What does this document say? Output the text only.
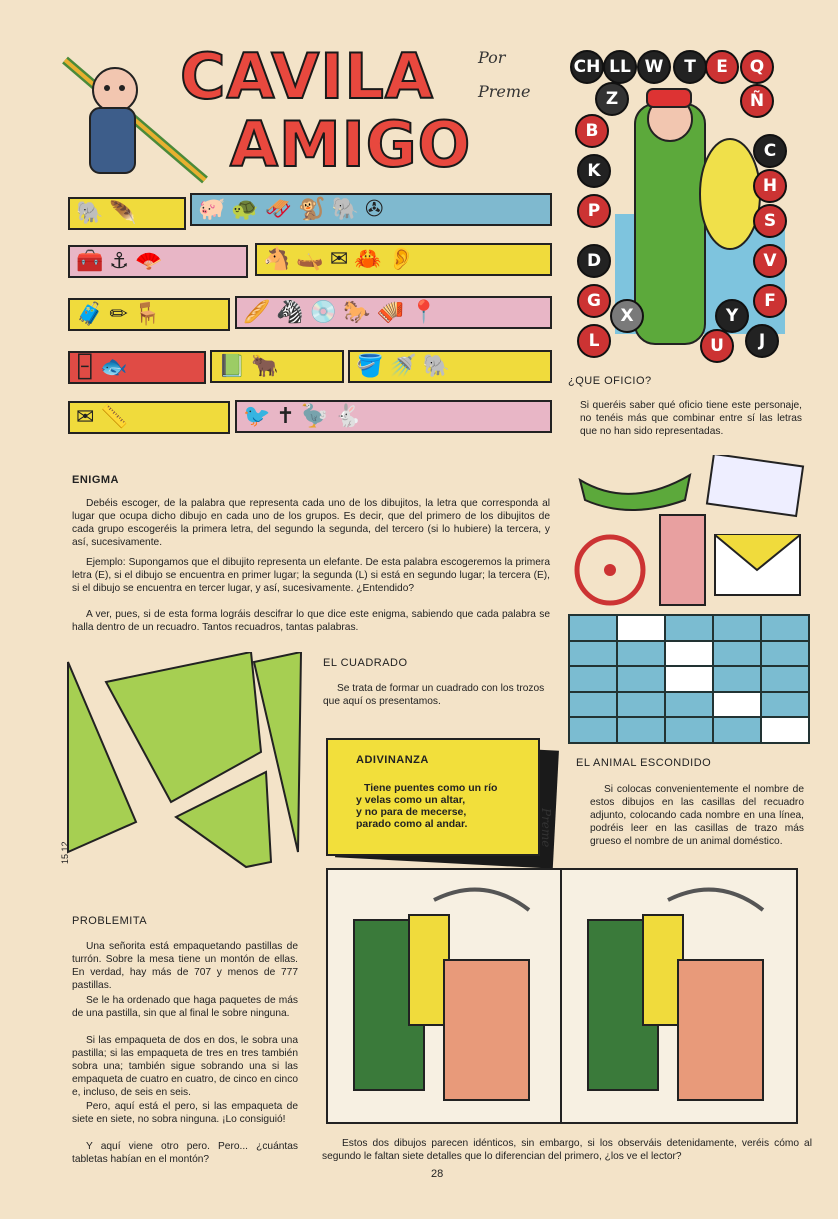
CAVILA
AMIGO
Por
Preme
CH LL W	T	E	Q
Ñ
Z
B
C
H
K
S
P
V
D
F
G
X	Y
L	U	J
🐘 🪶	🐖 🐢 🛷 🐒 🐘 ✇
🧰 ⚓ 🪭	🐴 🛶 ✉ 🦀 👂
🧳 ✏ 🪑	🥖 🦓 💿 🐎 🪗 📍
🁣 🐟	📗 🐂	🪣 🚿 🐘
✉ 📏	🐦 ✝ 🦤 🐇
¿QUE OFICIO?
Si queréis saber qué oficio tiene este personaje, no tenéis más que combinar entre sí las letras que no han sido representadas.
ENIGMA
Debéis escoger, de la palabra que representa cada uno de los dibujitos, la letra que corresponda al lugar que ocupa dicho dibujo en cada uno de los grupos. Es decir, que del primero de los dibujitos de cada grupo escogeréis la primera letra, del segundo la segunda, del tercero (si lo hubiere) la tercera, y así, sucesivamente.
Ejemplo: Supongamos que el dibujito representa un elefante. De esta palabra escogeremos la primera letra (E), si el dibujo se encuentra en primer lugar; la segunda (L) si está en segundo lugar; la tercera (E), si el dibujo se encuentra en tercer lugar, y así, sucesivamente. ¿Entendido?
A ver, pues, si de esta forma lográis descifrar lo que dice este enigma, sabiendo que cada palabra se halla dentro de un recuadro. Tantos recuadros, tantas palabras.
15.12
EL CUADRADO
Se trata de formar un cuadrado con los trozos que aquí os presentamos.
ADIVINANZA
Tiene puentes como un río
y velas como un altar,
y no para de mecerse,
parado como al andar.	Preme
EL ANIMAL ESCONDIDO
Si colocas convenientemente el nombre de estos dibujos en las casillas del recuadro adjunto, colocando cada nombre en una línea, podréis leer en las casillas de trazo más grueso el nombre de un animal doméstico.
Estos dos dibujos parecen idénticos, sin embargo, si los observáis detenidamente, veréis cómo al segundo le faltan siete detalles que lo diferencian del primero, ¿los ve el lector?
PROBLEMITA
Una señorita está empaquetando pastillas de turrón. Sobre la mesa tiene un montón de ellas. En verdad, hay más de 707 y menos de 777 pastillas.
Se le ha ordenado que haga paquetes de más de una pastilla, sin que al final le sobre ninguna.
Si las empaqueta de dos en dos, le sobra una pastilla; si las empaqueta de tres en tres también sobra una; también sigue sobrando una si las empaqueta de cuatro en cuatro, de cinco en cinco e, incluso, de seis en seis.
Pero, aquí está el pero, si las empaqueta de siete en siete, no sobra ninguna. ¡Lo consiguió!
Y aquí viene otro pero. Pero... ¿cuántas tabletas habían en el montón?
28
